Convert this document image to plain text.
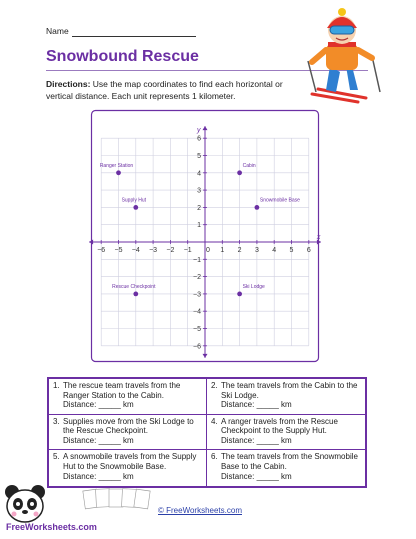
Name
Snowbound Rescue
Directions: Use the map coordinates to find each horizontal or vertical distance. Each unit represents 1 kilometer.
x
y
−6 −5 −4 −3 −2 −1 0 1 2 3 4 5 6
6
5
4
3
2
1
−1
−2
−3
−4
−5
−6
Ranger Station	Cabin
Supply Hut	Snowmobile Base
Rescue Checkpoint	Ski Lodge
1. The rescue team travels from the Ranger Station to the Cabin.
Distance: _____ km
2. The team travels from the Cabin to the Ski Lodge.
Distance: _____ km
3. Supplies move from the Ski Lodge to the Rescue Checkpoint.
Distance: _____ km
4. A ranger travels from the Rescue Checkpoint to the Supply Hut.
Distance: _____ km
5. A snowmobile travels from the Supply Hut to the Snowmobile Base.
Distance: _____ km
6. The team travels from the Snowmobile Base to the Cabin.
Distance: _____ km
FreeWorksheets.com
© FreeWorksheets.com
